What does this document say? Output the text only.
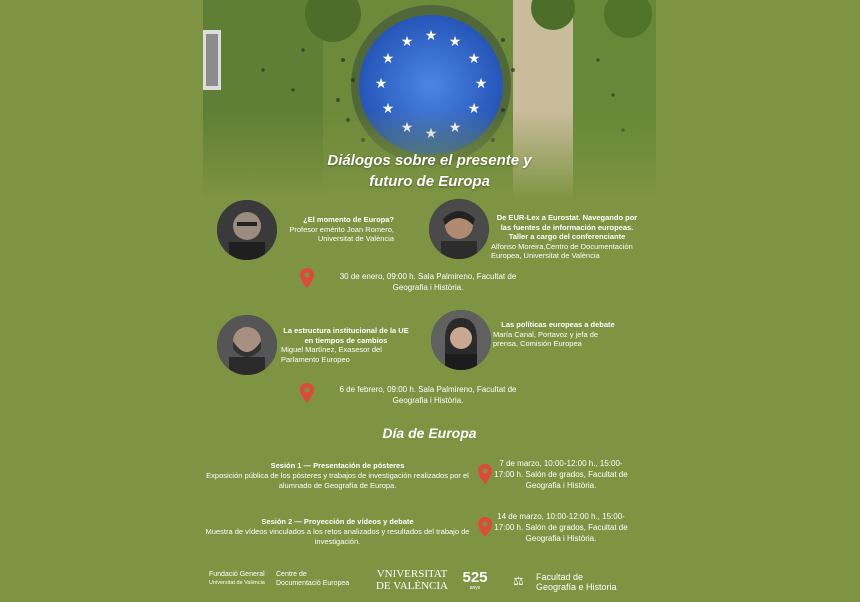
Diálogos sobre el presente y
futuro de Europa
¿El momento de Europa?
Profesor emérito Joan Romero,
Universitat de València
De EUR-Lex a Eurostat. Navegando por las fuentes de información europeas. Taller a cargo del conferenciante
Alfonso Moreira,Centro de Documentación Europea, Universitat de València
30 de enero, 09:00 h. Sala Palmireno, Facultat de Geografia i Història.
La estructura institucional de la UE en tiempos de cambios
Miguel Martínez, Exasesor del Parlamento Europeo
Las políticas europeas a debate
María Canal, Portavoz y jefa de prensa, Comisión Europea
6 de febrero, 09:00 h. Sala Palmireno, Facultat de Geografia i Història.
Día de Europa
Sesión 1 — Presentación de pósteres
Exposición pública de los pósteres y trabajos de investigación realizados por el alumnado de Geografía de Europa.
7 de marzo, 10:00-12:00 h., 15:00-17:00 h. Salón de grados, Facultat de Geografia i Història.
Sesión 2 — Proyección de vídeos y debate
Muestra de vídeos vinculados a los retos analizados y resultados del trabajo de investigación.
14 de marzo, 10:00-12:00 h., 15:00-17:00 h. Salón de grados, Facultat de Geografia i Història.
Fundació General
Universitat de València
Centre de
Documentació Europea
VNIVERSITAT
DE VALÈNCIA 525
anys	⚖	Facultad de
Geografía e Historia
